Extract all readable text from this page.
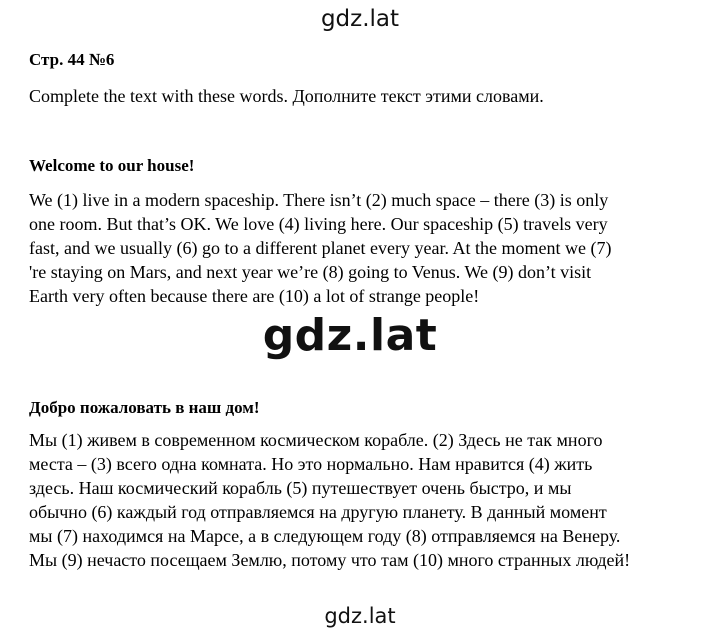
gdz.lat
Стр. 44 №6
Complete the text with these words. Дополните текст этими словами.
Welcome to our house!

We (1) live in a modern spaceship. There isn’t (2) much space – there (3) is only
one room. But that’s OK. We love (4) living here. Our spaceship (5) travels very
fast, and we usually (6) go to a different planet every year. At the moment we (7)
're staying on Mars, and next year we’re (8) going to Venus. We (9) don’t visit
Earth very often because there are (10) a lot of strange people!

gdz.lat
Добро пожаловать в наш дом!

Мы (1) живем в современном космическом корабле. (2) Здесь не так много
места – (3) всего одна комната. Но это нормально. Нам нравится (4) жить
здесь. Наш космический корабль (5) путешествует очень быстро, и мы
обычно (6) каждый год отправляемся на другую планету. В данный момент
мы (7) находимся на Марсе, а в следующем году (8) отправляемся на Венеру.
Мы (9) нечасто посещаем Землю, потому что там (10) много странных людей!

gdz.lat
